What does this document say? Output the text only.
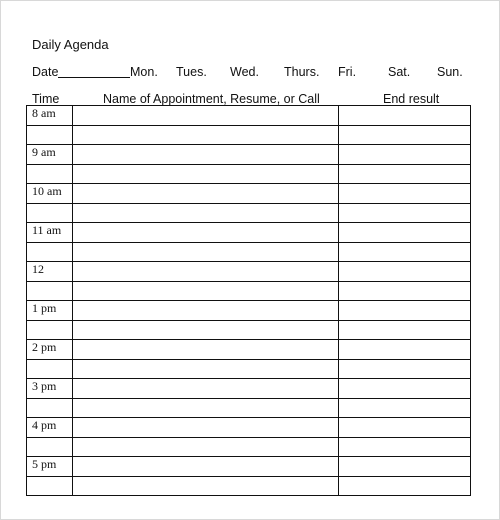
Daily Agenda
Date	Mon. Tues. Wed. Thurs. Fri.	Sat. Sun.
Time	Name of Appointment, Resume, or Call	End result
8 am		

9 am		

10 am		

11 am		

12		

1 pm		

2 pm		

3 pm		

4 pm		

5 pm		
